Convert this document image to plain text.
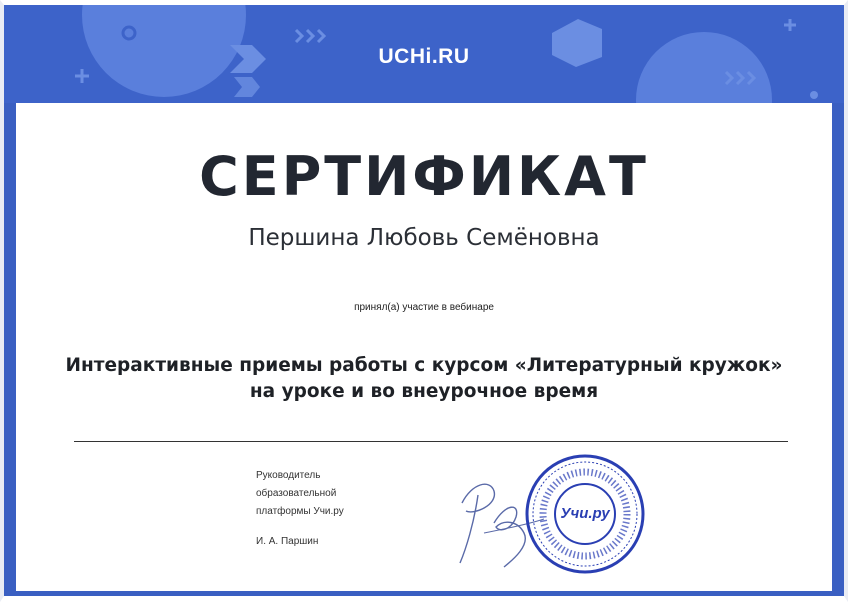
UCHi.RU
СЕРТИФИКАТ
Першина Любовь Семёновна
принял(а) участие в вебинаре
Интерактивные приемы работы с курсом «Литературный кружок» на уроке и во внеурочное время
Руководитель
образовательной
платформы Учи.ру
И. А. Паршин
Учи.ру
